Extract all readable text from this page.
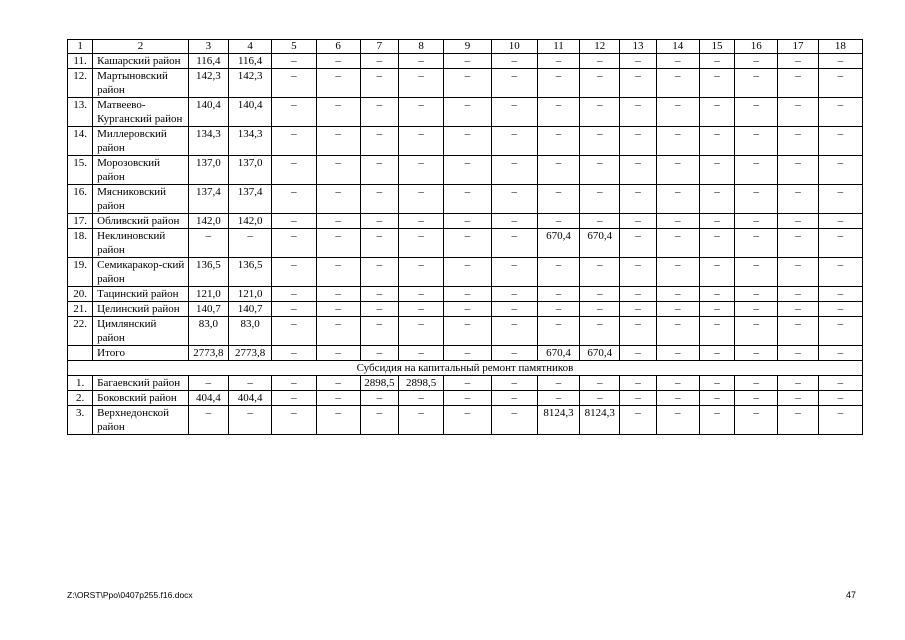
1	2	3	4	5	6	7	8	9	10	11	12	13	14	15	16	17	18
11.	Кашарский район	116,4	116,4	–	–	–	–	–	–	–	–	–	–	–	–	–	–
12.	Мартыновский район	142,3	142,3	–	–	–	–	–	–	–	–	–	–	–	–	–	–
13.	Матвеево-Курганский район	140,4	140,4	–	–	–	–	–	–	–	–	–	–	–	–	–	–
14.	Миллеровский район	134,3	134,3	–	–	–	–	–	–	–	–	–	–	–	–	–	–
15.	Морозовский район	137,0	137,0	–	–	–	–	–	–	–	–	–	–	–	–	–	–
16.	Мясниковский район	137,4	137,4	–	–	–	–	–	–	–	–	–	–	–	–	–	–
17.	Обливский район	142,0	142,0	–	–	–	–	–	–	–	–	–	–	–	–	–	–
18.	Неклиновский район	–	–	–	–	–	–	–	–	670,4	670,4	–	–	–	–	–	–
19.	Семикаракор-ский район	136,5	136,5	–	–	–	–	–	–	–	–	–	–	–	–	–	–
20.	Тацинский район	121,0	121,0	–	–	–	–	–	–	–	–	–	–	–	–	–	–
21.	Целинский район	140,7	140,7	–	–	–	–	–	–	–	–	–	–	–	–	–	–
22.	Цимлянский район	83,0	83,0	–	–	–	–	–	–	–	–	–	–	–	–	–	–
	Итого	2773,8	2773,8	–	–	–	–	–	–	670,4	670,4	–	–	–	–	–	–
Субсидия на капитальный ремонт памятников																	
1.	Багаевский район	–	–	–	–	2898,5	2898,5	–	–	–	–	–	–	–	–	–	–
2.	Боковский район	404,4	404,4	–	–	–	–	–	–	–	–	–	–	–	–	–	–
3.	Верхнедонской район	–	–	–	–	–	–	–	–	8124,3	8124,3	–	–	–	–	–	–
Z:\ORST\Ppo\0407p255.f16.docx	47
